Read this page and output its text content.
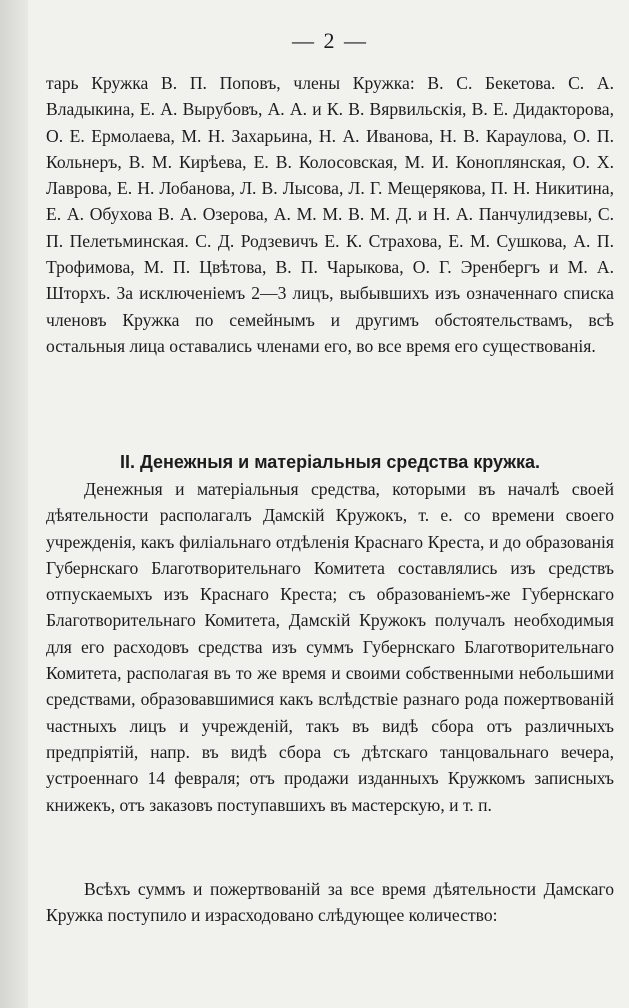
— 2 —
тарь Кружка В. П. Поповъ, члены Кружка: В. С. Бекетова. С. А. Владыкина, Е. А. Вырубовъ, А. А. и К. В. Вярвильскія, В. Е. Дидакторова, О. Е. Ермолаева, М. Н. Захарьина, Н. А. Иванова, Н. В. Караулова, О. П. Кольнеръ, В. М. Кирѣева, Е. В. Колосовская, М. И. Коноплянская, О. Х. Лаврова, Е. Н. Лобанова, Л. В. Лысова, Л. Г. Мещерякова, П. Н. Никитина, Е. А. Обухова В. А. Озерова, А. М. М. В. М. Д. и Н. А. Панчулидзевы, С. П. Пелетьминская. С. Д. Родзевичъ Е. К. Страхова, Е. М. Сушкова, А. П. Трофимова, М. П. Цвѣтова, В. П. Чарыкова, О. Г. Эренбергъ и М. А. Шторхъ. За исключеніемъ 2—3 лицъ, выбывшихъ изъ означеннаго списка членовъ Кружка по семейнымъ и другимъ обстоятельствамъ, всѣ остальныя лица оставались членами его, во все время его существованія.
II. Денежныя и матеріальныя средства кружка.
Денежныя и матеріальныя средства, которыми въ началѣ своей дѣятельности располагалъ Дамскій Кружокъ, т. е. со времени своего учрежденія, какъ филіальнаго отдѣленія Краснаго Креста, и до образованія Губернскаго Благотворительнаго Комитета составлялись изъ средствъ отпускаемыхъ изъ Краснаго Креста; съ образованіемъ-же Губернскаго Благотворительнаго Комитета, Дамскій Кружокъ получалъ необходимыя для его расходовъ средства изъ суммъ Губернскаго Благотворительнаго Комитета, располагая въ то же время и своими собственными небольшими средствами, образовавшимися какъ вслѣдствіе разнаго рода пожертвованій частныхъ лицъ и учрежденій, такъ въ видѣ сбора отъ различныхъ предпріятій, напр. въ видѣ сбора съ дѣтскаго танцовальнаго вечера, устроеннаго 14 февраля; отъ продажи изданныхъ Кружкомъ записныхъ книжекъ, отъ заказовъ поступавшихъ въ мастерскую, и т. п.
Всѣхъ суммъ и пожертвованій за все время дѣятельности Дамскаго Кружка поступило и израсходовано слѣдующее количество:
